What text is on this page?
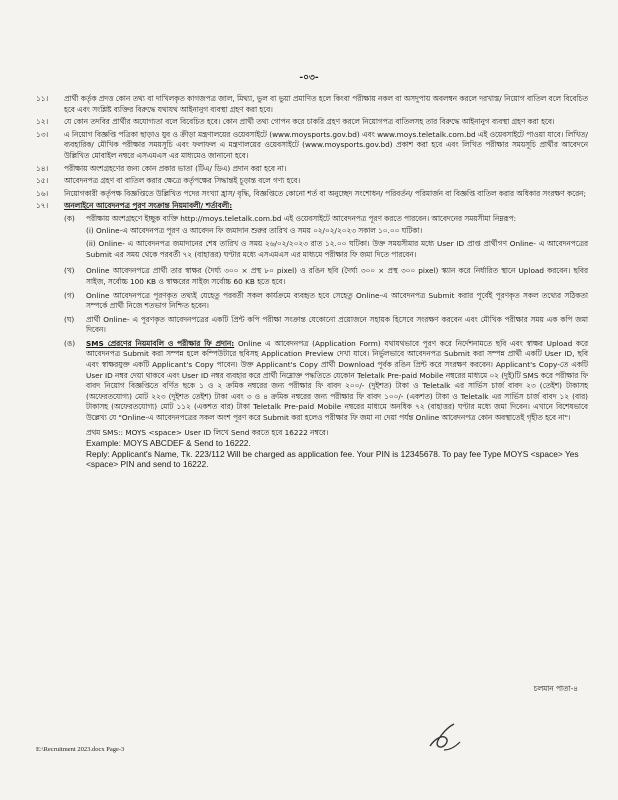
-০৩-
১১।	প্রার্থী কর্তৃক প্রদত্ত কোন তথ্য বা দাখিলকৃত কাগজপত্র জাল, মিথ্যা, ভুল বা ভুয়া প্রমাণিত হলে কিংবা পরীক্ষায় নকল বা অসদুপায় অবলম্বন করলে দরখাস্ত/ নিয়োগ বাতিল বলে বিবেচিত হবে এবং সংশ্লিষ্ট ব্যক্তির বিরুদ্ধে যথাযথ আইনানুগ ব্যবস্থা গ্রহণ করা হবে।
১২।	যে কোন তদবির প্রার্থীর অযোগ্যতা বলে বিবেচিত হবে। কোন প্রার্থী তথ্য গোপন করে চাকরি গ্রহণ করলে নিয়োগপত্র বাতিলসহ তার বিরুদ্ধে আইনানুগ ব্যবস্থা গ্রহণ করা হবে।
১৩।	এ নিয়োগ বিজ্ঞপ্তি পত্রিকা ছাড়াও যুব ও ক্রীড়া মন্ত্রণালয়ের ওয়েবসাইটে (www.moysports.gov.bd) এবং www.moys.teletalk.com.bd এই ওয়েবসাইটে পাওয়া যাবে। লিখিত/ ব্যবহারিক/ মৌখিক পরীক্ষার সময়সূচি এবং ফলাফল এ মন্ত্রণালয়ের ওয়েবসাইটে (www.moysports.gov.bd) প্রকাশ করা হবে এবং লিখিত পরীক্ষার সময়সূচি প্রার্থীর আবেদনে উল্লিখিত মোবাইল নম্বরে এসএমএস এর মাধ্যমেও জানানো হবে।
১৪।	পরীক্ষায় অংশগ্রহণের জন্য কোন প্রকার ভাতা (টিএ/ ডিএ) প্রদান করা হবে না।
১৫।	আবেদনপত্র গ্রহণ বা বাতিল করার ক্ষেত্রে কর্তৃপক্ষের সিদ্ধান্তই চূড়ান্ত বলে গণ্য হবে।
১৬।	নিয়োগকারী কর্তৃপক্ষ বিজ্ঞপ্তিতে উল্লিখিত পদের সংখ্যা হ্রাস/ বৃদ্ধি, বিজ্ঞপ্তিতে কোনো শর্ত বা অনুচ্ছেদ সংশোধন/ পরিবর্তন/ পরিমার্জন বা বিজ্ঞপ্তি বাতিল করার অধিকার সংরক্ষণ করেন;
১৭।	অনলাইনে আবেদনপত্র পূরণ সংক্রান্ত নিয়মাবলী/ শর্তাবলী:
(ক)	পরীক্ষায় অংশগ্রহণে ইচ্ছুক ব্যক্তি http://moys.teletalk.com.bd এই ওয়েবসাইটে আবেদনপত্র পূরণ করতে পারবেন। আবেদনের সময়সীমা নিম্নরূপ:
(i) Online-এ আবেদনপত্র পূরণ ও আবেদন ফি জমাদান শুরুর তারিখ ও সময় ০২/০২/২০২৩ সকাল ১০.০০ ঘটিকা।
(ii) Online- এ আবেদনপত্র জমাদানের শেষ তারিখ ও সময় ২৬/০২/২০২৩ রাত ১২.০০ ঘটিকা। উক্ত সময়সীমার মধ্যে User ID প্রাপ্ত প্রার্থীগণ Online- এ আবেদনপত্রের Submit এর সময় থেকে পরবর্তী ৭২ (বাহাত্তর) ঘণ্টার মধ্যে এসএমএস এর মাধ্যমে পরীক্ষার ফি জমা দিতে পারবেন।
(খ)	Online আবেদনপত্রে প্রার্থী তার স্বাক্ষর (দৈর্ঘ্য ৩০০ × প্রস্থ ৮০ pixel) ও রঙিন ছবি (দৈর্ঘ্য ৩০০ × প্রস্থ ৩০০ pixel) স্ক্যান করে নির্ধারিত স্থানে Upload করবেন। ছবির সাইজ, সর্বোচ্চ 100 KB ও স্বাক্ষরের সাইজ সর্বোচ্চ 60 KB হতে হবে।
(গ)	Online আবেদনপত্রে পূরণকৃত তথ্যই যেহেতু পরবর্তী সকল কার্যক্রমে ব্যবহৃত হবে সেহেতু Online-এ আবেদনপত্র Submit করার পূর্বেই পূরণকৃত সকল তথ্যের সঠিকতা সম্পর্কে প্রার্থী নিজে শতভাগ নিশ্চিত হবেন।
(ঘ)	প্রার্থী Online- এ পূরণকৃত আবেদনপত্রের একটি প্রিন্ট কপি পরীক্ষা সংক্রান্ত যেকোনো প্রয়োজনে সহায়ক হিসেবে সংরক্ষণ করবেন এবং মৌখিক পরীক্ষার সময় এক কপি জমা দিবেন।
(ঙ)	SMS প্রেরণের নিয়মাবলি ও পরীক্ষার ফি প্রদান: Online এ আবেদনপত্র (Application Form) যথাযথভাবে পূরণ করে নির্দেশনামতে ছবি এবং স্বাক্ষর Upload করে আবেদনপত্র Submit করা সম্পন্ন হলে কম্পিউটারে ছবিসহ Application Preview দেখা যাবে। নির্ভুলভাবে আবেদনপত্র Submit করা সম্পন্ন প্রার্থী একটি User ID, ছবি এবং স্বাক্ষরযুক্ত একটি Applicant's Copy পাবেন। উক্ত Applicant's Copy প্রার্থী Download পূর্বক রঙিন প্রিন্ট করে সংরক্ষণ করবেন। Applicant's Copy-তে একটি User ID নম্বর দেয়া থাকবে এবং User ID নম্বর ব্যবহার করে প্রার্থী নিম্নোক্ত পদ্ধতিতে যেকোন Teletalk Pre-paid Mobile নম্বরের মাধ্যমে ০২ (দুই)টি SMS করে পরীক্ষার ফি বাবদ নিয়োগ বিজ্ঞপ্তিতে বর্ণিত ছকে ১ ও ২ ক্রমিক নম্বরের জন্য পরীক্ষার ফি বাবদ ২০০/- (দুইশত) টাকা ও Teletalk এর সার্ভিস চার্জ বাবদ ২৩ (তেইশ) টাকাসহ (অফেরতযোগ্য) মোট ২২৩ (দুইশত তেইশ) টাকা এবং ৩ ও ৪ ক্রমিক নম্বরের জন্য পরীক্ষার ফি বাবদ ১০০/- (একশত) টাকা ও Teletalk এর সার্ভিস চার্জ বাবদ ১২ (বার) টাকাসহ (অফেরতযোগ্য) মোট ১১২ (একশত বার) টাকা Teletalk Pre-paid Mobile নম্বরের মাধ্যমে অনধিক ৭২ (বাহাত্তর) ঘণ্টার মধ্যে জমা দিবেন। এখানে বিশেষভাবে উল্লেখ্য যে "Online-এ আবেদনপত্রের সকল অংশ পূরণ করে Submit করা হলেও পরীক্ষার ফি জমা না দেয়া পর্যন্ত Online আবেদনপত্র কোন অবস্থাতেই গৃহীত হবে না"।
প্রথম SMS:: MOYS <space> User ID লিখে Send করতে হবে 16222 নম্বরে।
Example: MOYS ABCDEF & Send to 16222.
Reply: Applicant's Name, Tk. 223/112 Will be charged as application fee. Your PIN is 12345678. To pay fee Type MOYS <space> Yes <space> PIN and send to 16222.
চলমান পাতা-৪
E:\Recruitment 2023.docx Page-3
